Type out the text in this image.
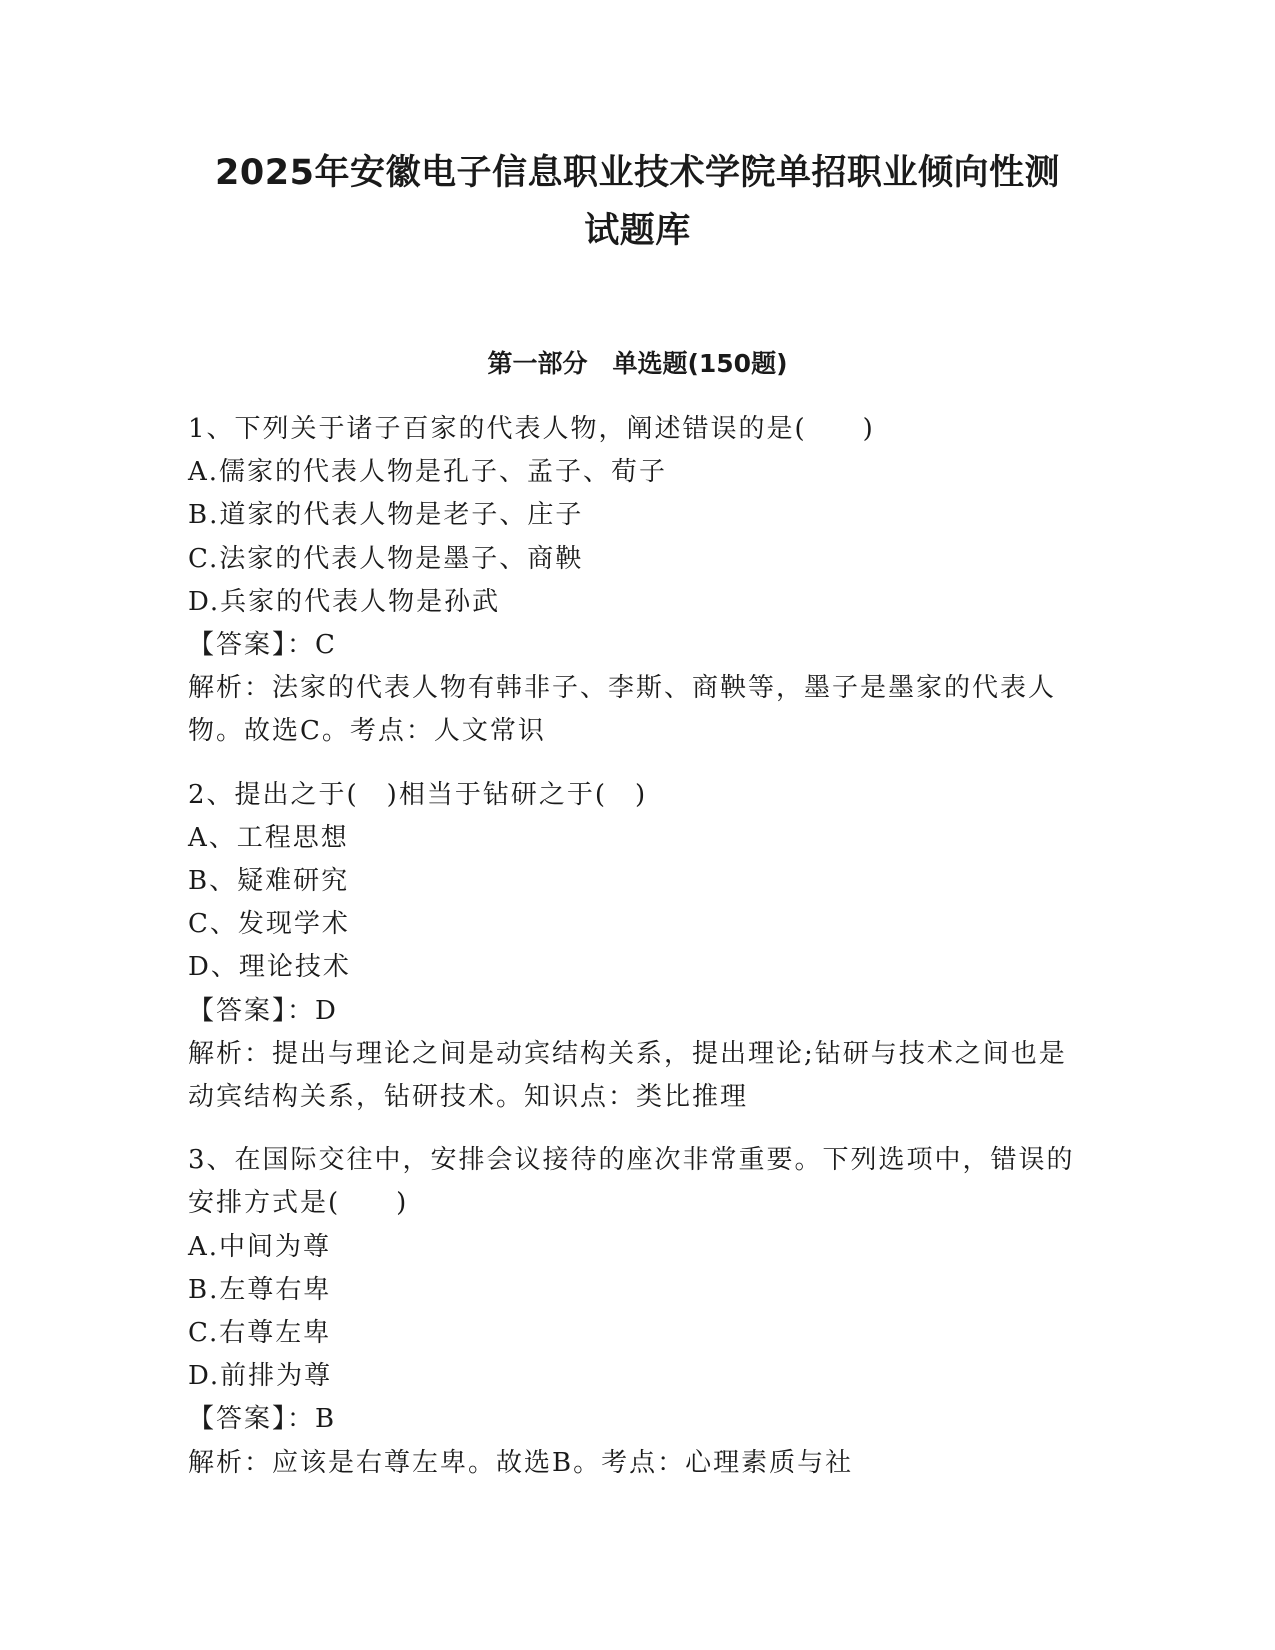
2025年安徽电子信息职业技术学院单招职业倾向性测
试题库
第一部分　单选题(150题)

1、下列关于诸子百家的代表人物，阐述错误的是(　　)

A.儒家的代表人物是孔子、孟子、荀子

B.道家的代表人物是老子、庄子

C.法家的代表人物是墨子、商鞅

D.兵家的代表人物是孙武

【答案】：C

解析：法家的代表人物有韩非子、李斯、商鞅等，墨子是墨家的代表人物。故选C。考点：人文常识

2、提出之于(　)相当于钻研之于(　)

A、工程思想

B、疑难研究

C、发现学术

D、理论技术

【答案】：D

解析：提出与理论之间是动宾结构关系，提出理论;钻研与技术之间也是动宾结构关系，钻研技术。知识点：类比推理

3、在国际交往中，安排会议接待的座次非常重要。下列选项中，错误的安排方式是(　　)

A.中间为尊

B.左尊右卑

C.右尊左卑

D.前排为尊

【答案】：B

解析：应该是右尊左卑。故选B。考点：心理素质与社
